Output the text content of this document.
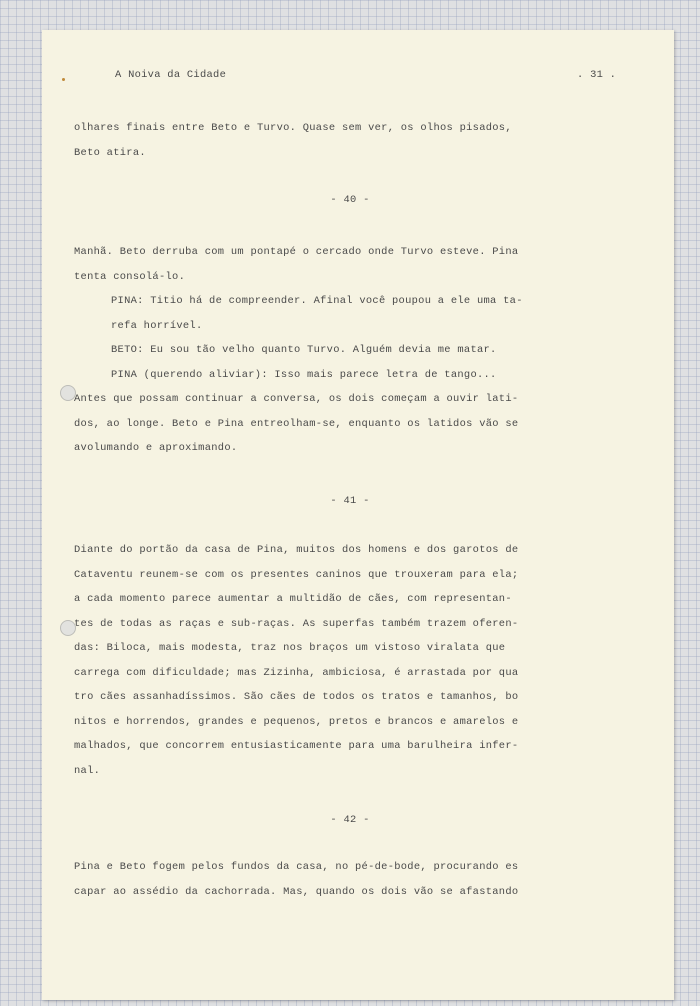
A Noiva da Cidade	. 31 .

olhares finais entre Beto e Turvo. Quase sem ver, os olhos pisados,

Beto atira.

- 40 -

Manhã. Beto derruba com um pontapé o cercado onde Turvo esteve. Pina

tenta consolá-lo.

PINA: Titio há de compreender. Afinal você poupou a ele uma ta-

refa horrível.

BETO: Eu sou tão velho quanto Turvo. Alguém devia me matar.

PINA (querendo aliviar): Isso mais parece letra de tango...

Antes que possam continuar a conversa, os dois começam a ouvir lati-

dos, ao longe. Beto e Pina entreolham-se, enquanto os latidos vão se

avolumando e aproximando.

- 41 -

Diante do portão da casa de Pina, muitos dos homens e dos garotos de

Cataventu reunem-se com os presentes caninos que trouxeram para ela;

a cada momento parece aumentar a multidão de cães, com representan-

tes de todas as raças e sub-raças. As superfas também trazem oferen-

das: Biloca, mais modesta, traz nos braços um vistoso viralata que

carrega com dificuldade; mas Zizinha, ambiciosa, é arrastada por qua

tro cães assanhadíssimos. São cães de todos os tratos e tamanhos, bo

nitos e horrendos, grandes e pequenos, pretos e brancos e amarelos e

malhados, que concorrem entusiasticamente para uma barulheira infer-

nal.

- 42 -

Pina e Beto fogem pelos fundos da casa, no pé-de-bode, procurando es

capar ao assédio da cachorrada. Mas, quando os dois vão se afastando
